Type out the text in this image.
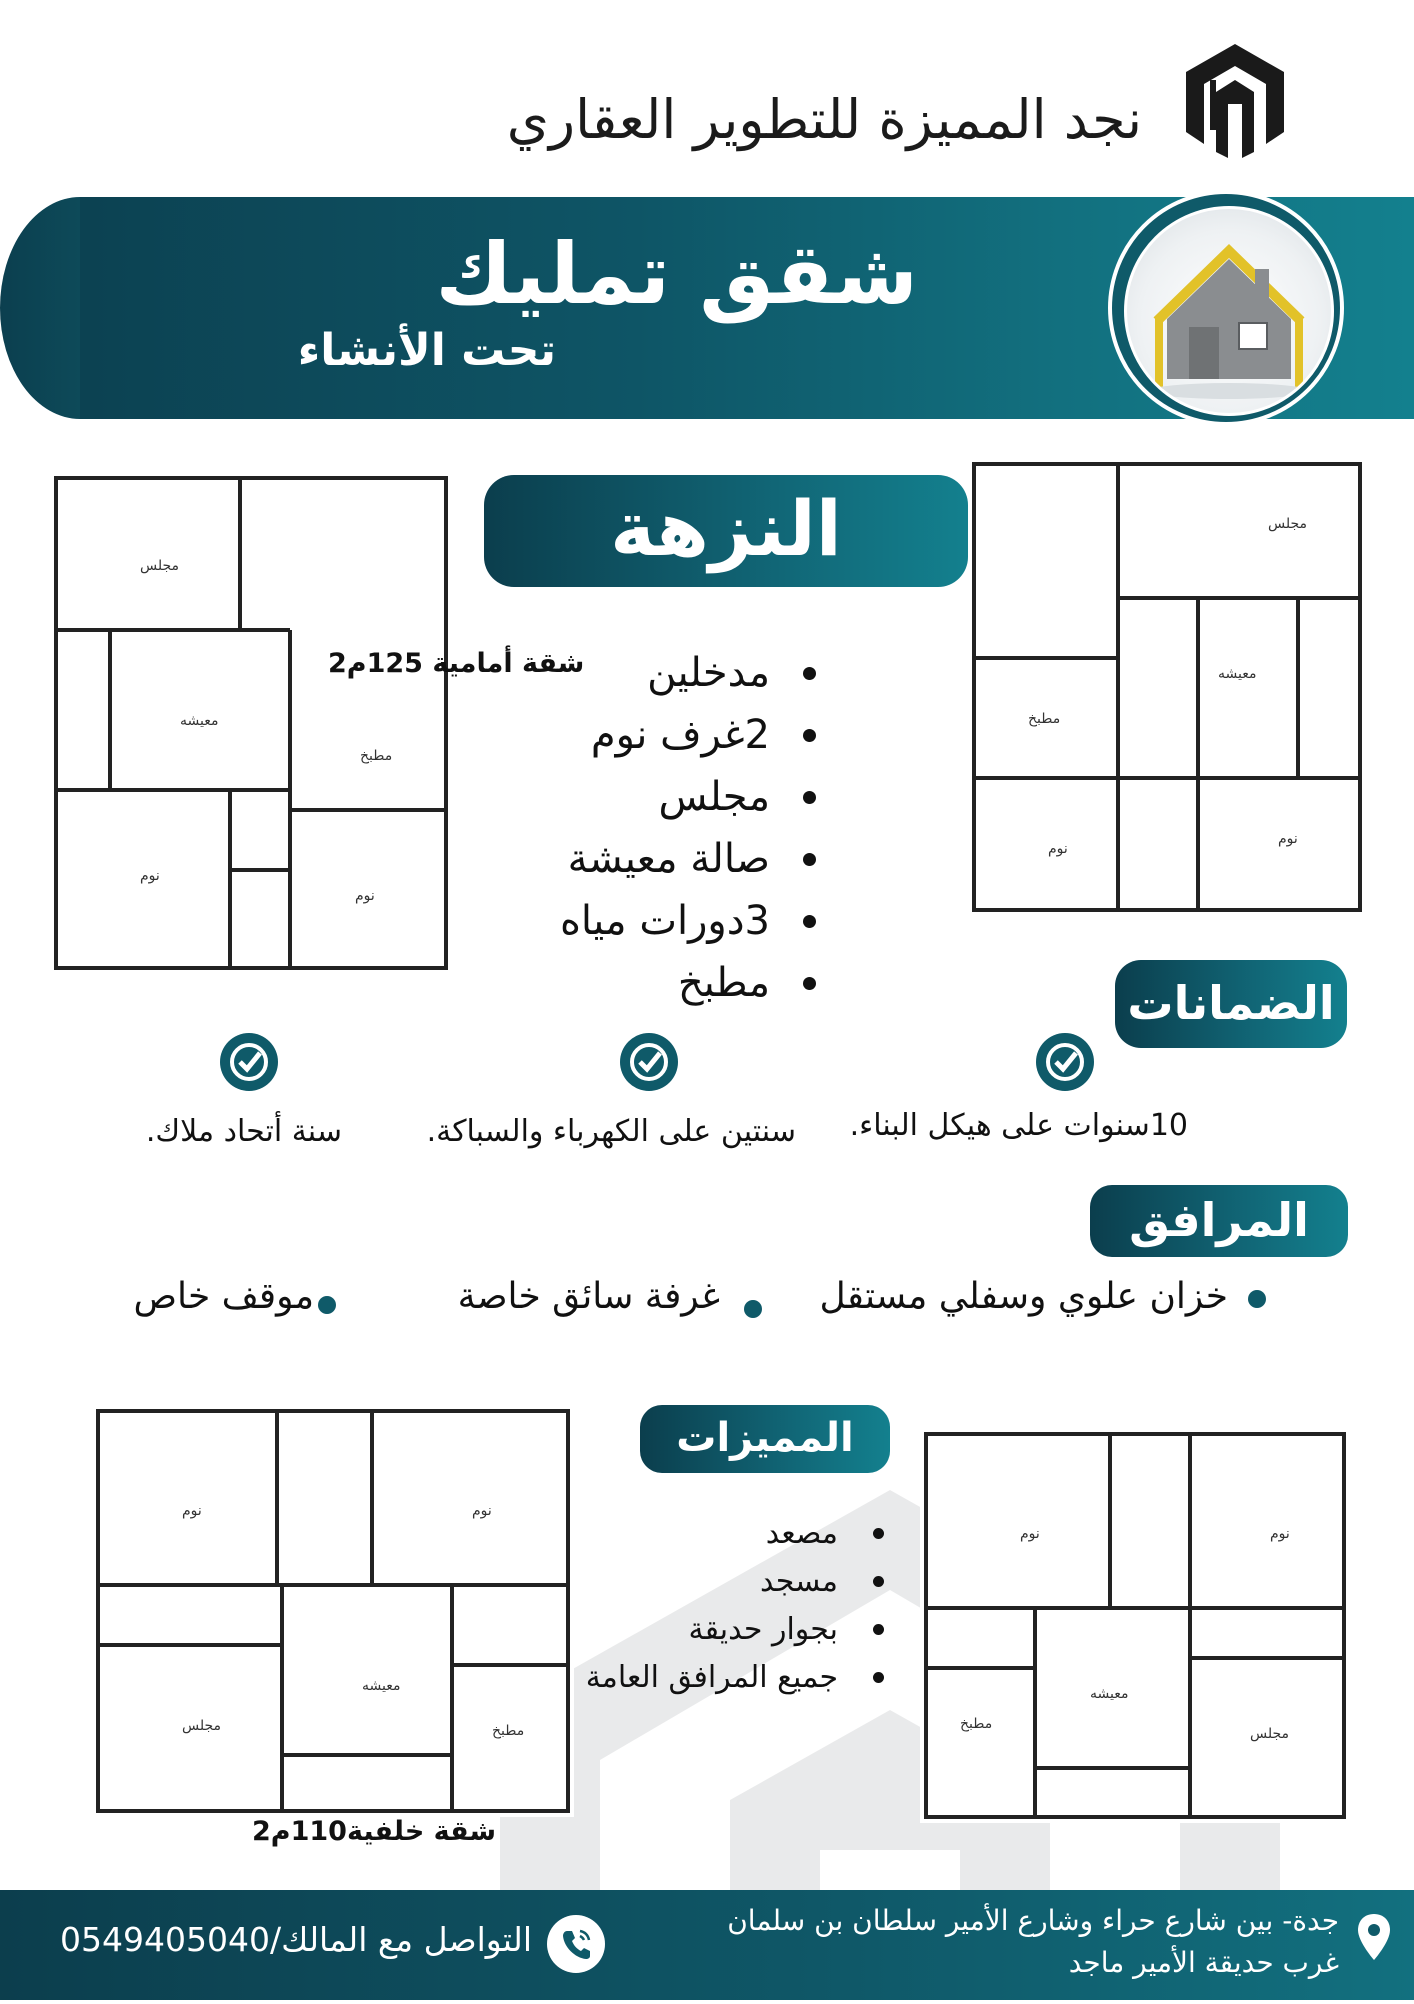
نجد المميزة للتطوير العقاري
شقق تمليك
تحت الأنشاء
النزهة
مدخلين
2غرف نوم
مجلس
صالة معيشة
3دورات مياه
مطبخ
مجلس
معيشه
مطبخ
نوم
نوم
شقة أمامية 125م2
مجلس
معيشه
مطبخ
نوم
نوم
الضمانات
10سنوات على هيكل البناء.
سنتين على الكهرباء والسباكة.
سنة أتحاد ملاك.
المرافق
خزان علوي وسفلي مستقل
غرفة سائق خاصة
موقف خاص
نوم	نوم
معيشه
مطبخ
مجلس
شقة خلفية110م2
نوم	نوم
معيشه
مطبخ
مجلس
المميزات
مصعد
مسجد
بجوار حديقة
جميع المرافق العامة
جدة- بين شارع حراء وشارع الأمير سلطان بن سلمان
غرب حديقة الأمير ماجد
التواصل مع المالك/0549405040
